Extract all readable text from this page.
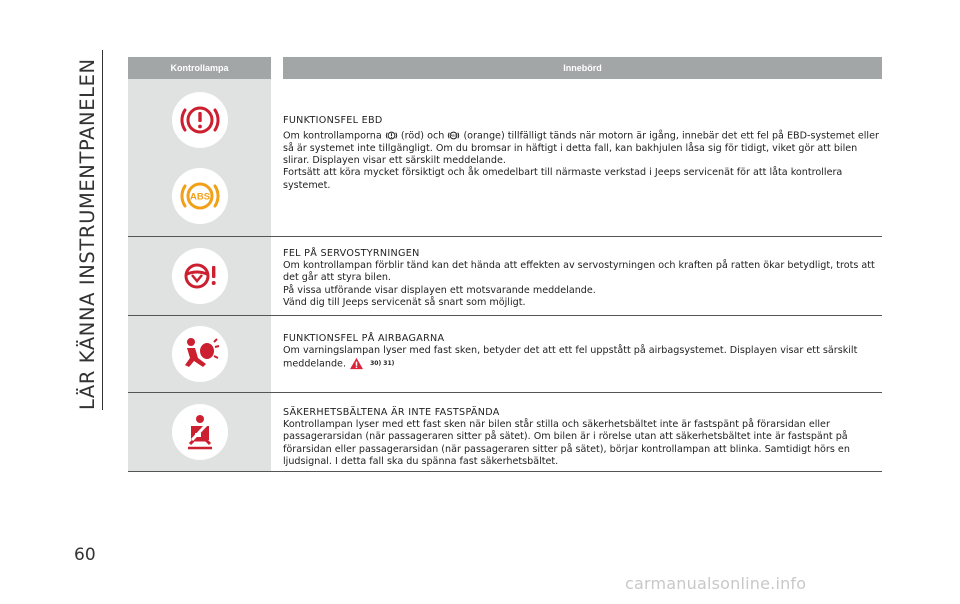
LÄR KÄNNA INSTRUMENTPANELEN	Kontrollampa	Innebörd
ABS

FUNKTIONSFEL EBD

Om kontrollamporna (röd) och ABS (orange) tillfälligt tänds när motorn är igång, innebär det ett fel på EBD-systemet eller så är systemet inte tillgängligt. Om du bromsar in häftigt i detta fall, kan bakhjulen låsa sig för tidigt, viket gör att bilen slirar. Displayen visar ett särskilt meddelande.

Fortsätt att köra mycket försiktigt och åk omedelbart till närmaste verkstad i Jeeps servicenät för att låta kontrollera systemet.

FEL PÅ SERVOSTYRNINGEN

Om kontrollampan förblir tänd kan det hända att effekten av servostyrningen och kraften på ratten ökar betydligt, trots att det går att styra bilen.

På vissa utförande visar displayen ett motsvarande meddelande.

Vänd dig till Jeeps servicenät så snart som möjligt.

FUNKTIONSFEL PÅ AIRBAGARNA

Om varningslampan lyser med fast sken, betyder det att ett fel uppstått på airbagsystemet. Displayen visar ett särskilt meddelande.	30) 31)

SÄKERHETSBÄLTENA ÄR INTE FASTSPÄNDA

Kontrollampan lyser med ett fast sken när bilen står stilla och säkerhetsbältet inte är fastspänt på förarsidan eller passagerarsidan (när passageraren sitter på sätet). Om bilen är i rörelse utan att säkerhetsbältet inte är fastspänt på förarsidan eller passagerarsidan (när passageraren sitter på sätet), börjar kontrollampan att blinka. Samtidigt hörs en ljudsignal. I detta fall ska du spänna fast säkerhetsbältet.

60
carmanualsonline.info
